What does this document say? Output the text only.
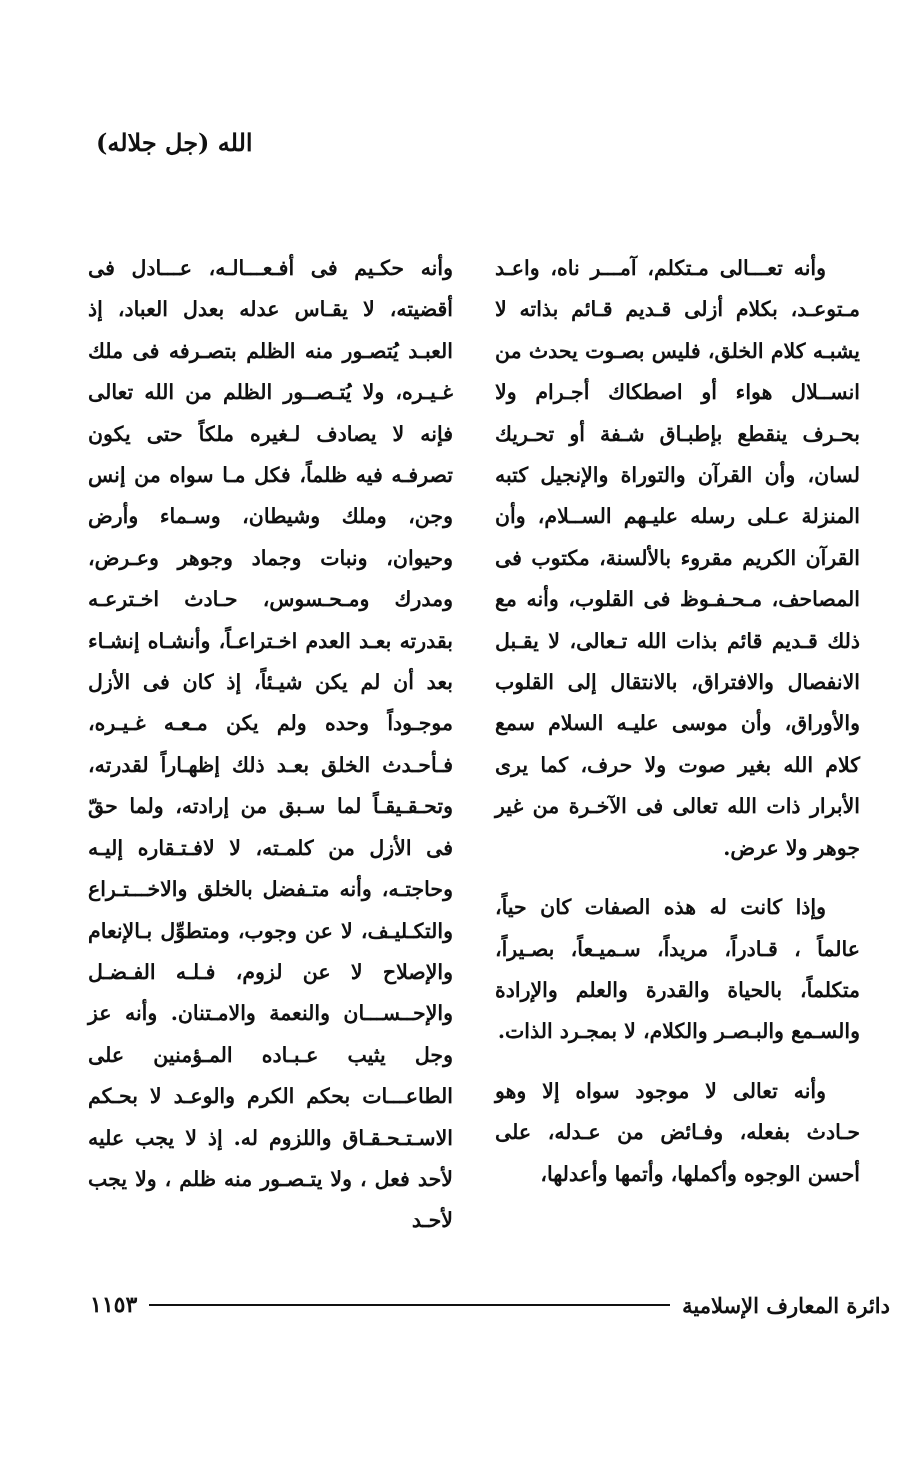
الله (جل جلاله)

وأنه تعـــالى مـتكلم، آمـــر ناه، واعـد مـتوعـد، بكلام أزلى قـديم قـائم بذاته لا يشبـه كلام الخلق، فليس بصـوت يحدث من انســلال هواء أو اصطكاك أجـرام ولا بحـرف ينقطع بإطبـاق شـفة أو تحـريك لسان، وأن القرآن والتوراة والإنجيل كتبه المنزلة عـلى رسله عليـهم الســلام، وأن القرآن الكريم مقروء بالألسنة، مكتوب فى المصاحف، مـحـفـوظ فى القلوب، وأنه مع ذلك قـديم قائم بذات الله تـعالى، لا يقـبل الانفصال والافتراق، بالانتقال إلى القلوب والأوراق، وأن موسى عليـه السلام سمع كلام الله بغير صوت ولا حرف، كما يرى الأبرار ذات الله تعالى فى الآخـرة من غير جوهر ولا عرض.

وإذا كانت له هذه الصفات كان حياً، عالماً ، قـادراً، مريداً، سـميـعاً، بصـيراً، متكلماً، بالحياة والقدرة والعلم والإرادة والسـمع والبـصـر والكلام، لا بمجـرد الذات.

وأنه تعالى لا موجود سواه إلا وهو حـادث بفعله، وفـائض من عـدله، على أحسن الوجوه وأكملها، وأتمها وأعدلها،

وأنه حكـيم فى أفـعـــالـه، عـــادل فى أقضيته، لا يقـاس عدله بعدل العباد، إذ العبـد يُتصـور منه الظلم بتصـرفه فى ملك غـيـره، ولا يُتـصــور الظلم من الله تعالى فإنه لا يصادف لـغيره ملكاً حتى يكون تصرفـه فيه ظلماً، فكل مـا سواه من إنس وجن، وملك وشيطان، وسـماء وأرض وحيوان، ونبات وجماد وجوهر وعـرض، ومدرك ومـحـسوس، حـادث اخـترعـه بقدرته بعـد العدم اخـتراعـاً، وأنشـاه إنشـاء بعد أن لم يكن شيـئاً، إذ كان فى الأزل موجـوداً وحده ولم يكن مـعـه غـيـره، فـأحـدث الخلق بعـد ذلك إظهـاراً لقدرته، وتحـقـيقـاً لما سـبق من إرادته، ولما حقّ فى الأزل من كلمـته، لا لافـتـقاره إليـه وحاجتـه، وأنه متـفضل بالخلق والاخـــتـراع والتكـليـف، لا عن وجوب، ومتطوِّل بـالإنعام والإصلاح لا عن لزوم، فـلـه الفـضـل والإحــســـان والنعمة والامـتنان. وأنه عز وجل يثيب عـبـاده المـؤمنين على الطاعـــات بحكم الكرم والوعـد لا بحـكم الاسـتـحـقـاق واللزوم له. إذ لا يجب عليه لأحد فعل ، ولا يتـصـور منه ظلم ، ولا يجب لأحـد

دائرة المعارف الإسلامية
١١٥٣
